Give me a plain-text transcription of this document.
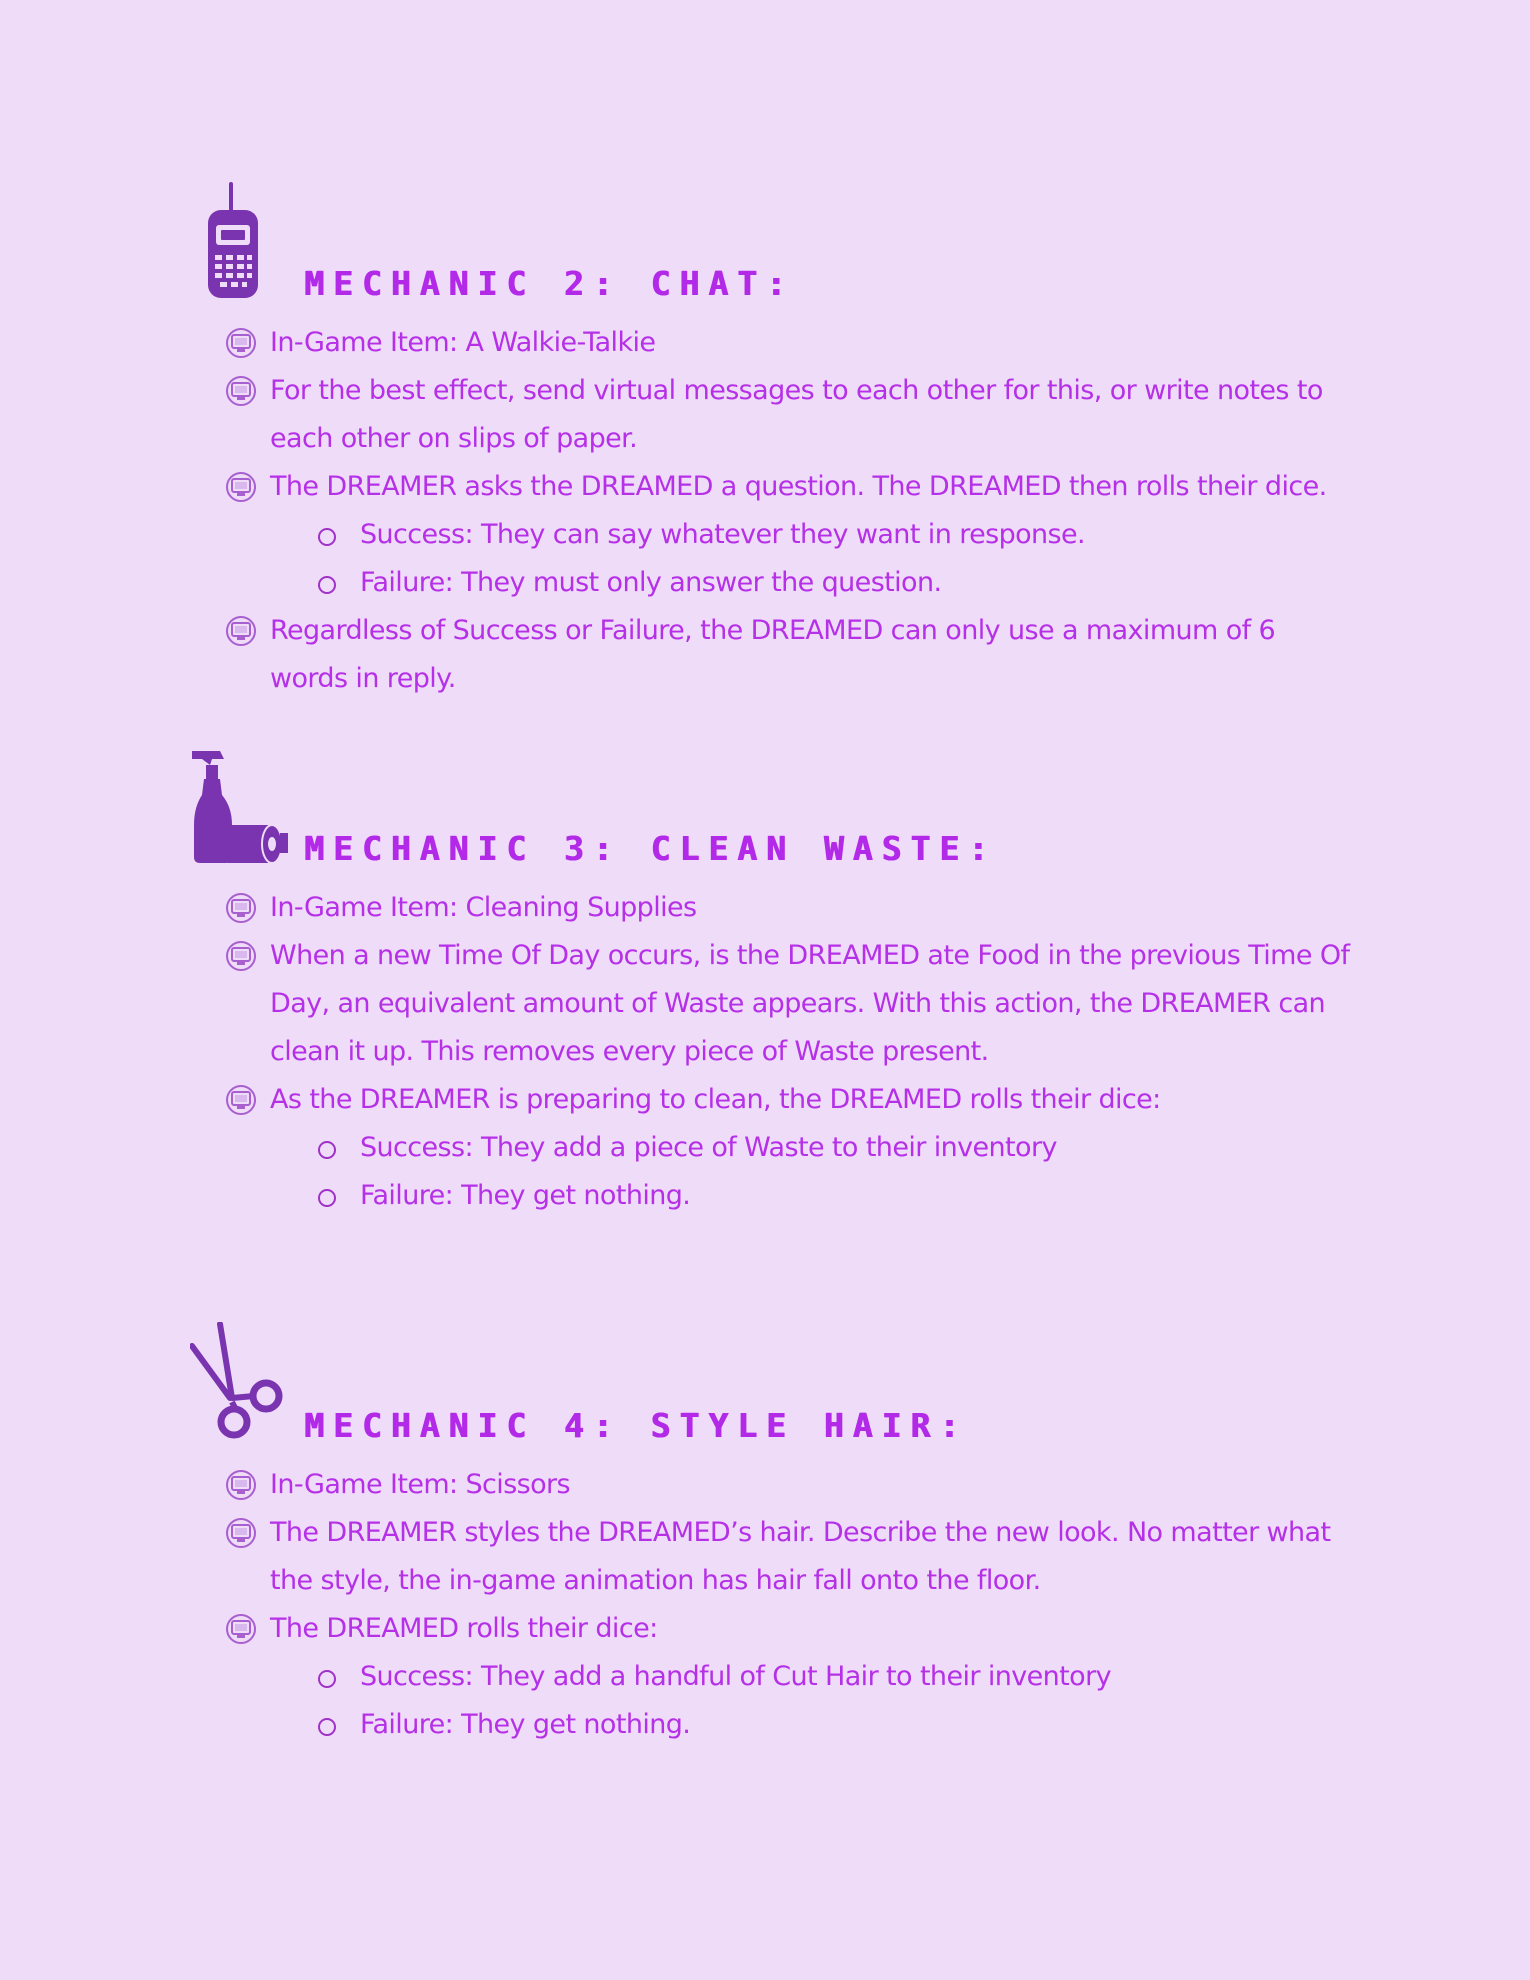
MECHANIC 2: CHAT:
In-Game Item: A Walkie-Talkie
For the best effect, send virtual messages to each other for this, or write notes to each other on slips of paper.
The DREAMER asks the DREAMED a question. The DREAMED then rolls their dice.
Success: They can say whatever they want in response.
Failure: They must only answer the question.
Regardless of Success or Failure, the DREAMED can only use a maximum of 6 words in reply.
MECHANIC 3: CLEAN WASTE:
In-Game Item: Cleaning Supplies
When a new Time Of Day occurs, is the DREAMED ate Food in the previous Time Of Day, an equivalent amount of Waste appears. With this action, the DREAMER can clean it up. This removes every piece of Waste present.
As the DREAMER is preparing to clean, the DREAMED rolls their dice:
Success: They add a piece of Waste to their inventory
Failure: They get nothing.
MECHANIC 4: STYLE HAIR:
In-Game Item: Scissors
The DREAMER styles the DREAMED’s hair. Describe the new look. No matter what the style, the in-game animation has hair fall onto the floor.
The DREAMED rolls their dice:
Success: They add a handful of Cut Hair to their inventory
Failure: They get nothing.
